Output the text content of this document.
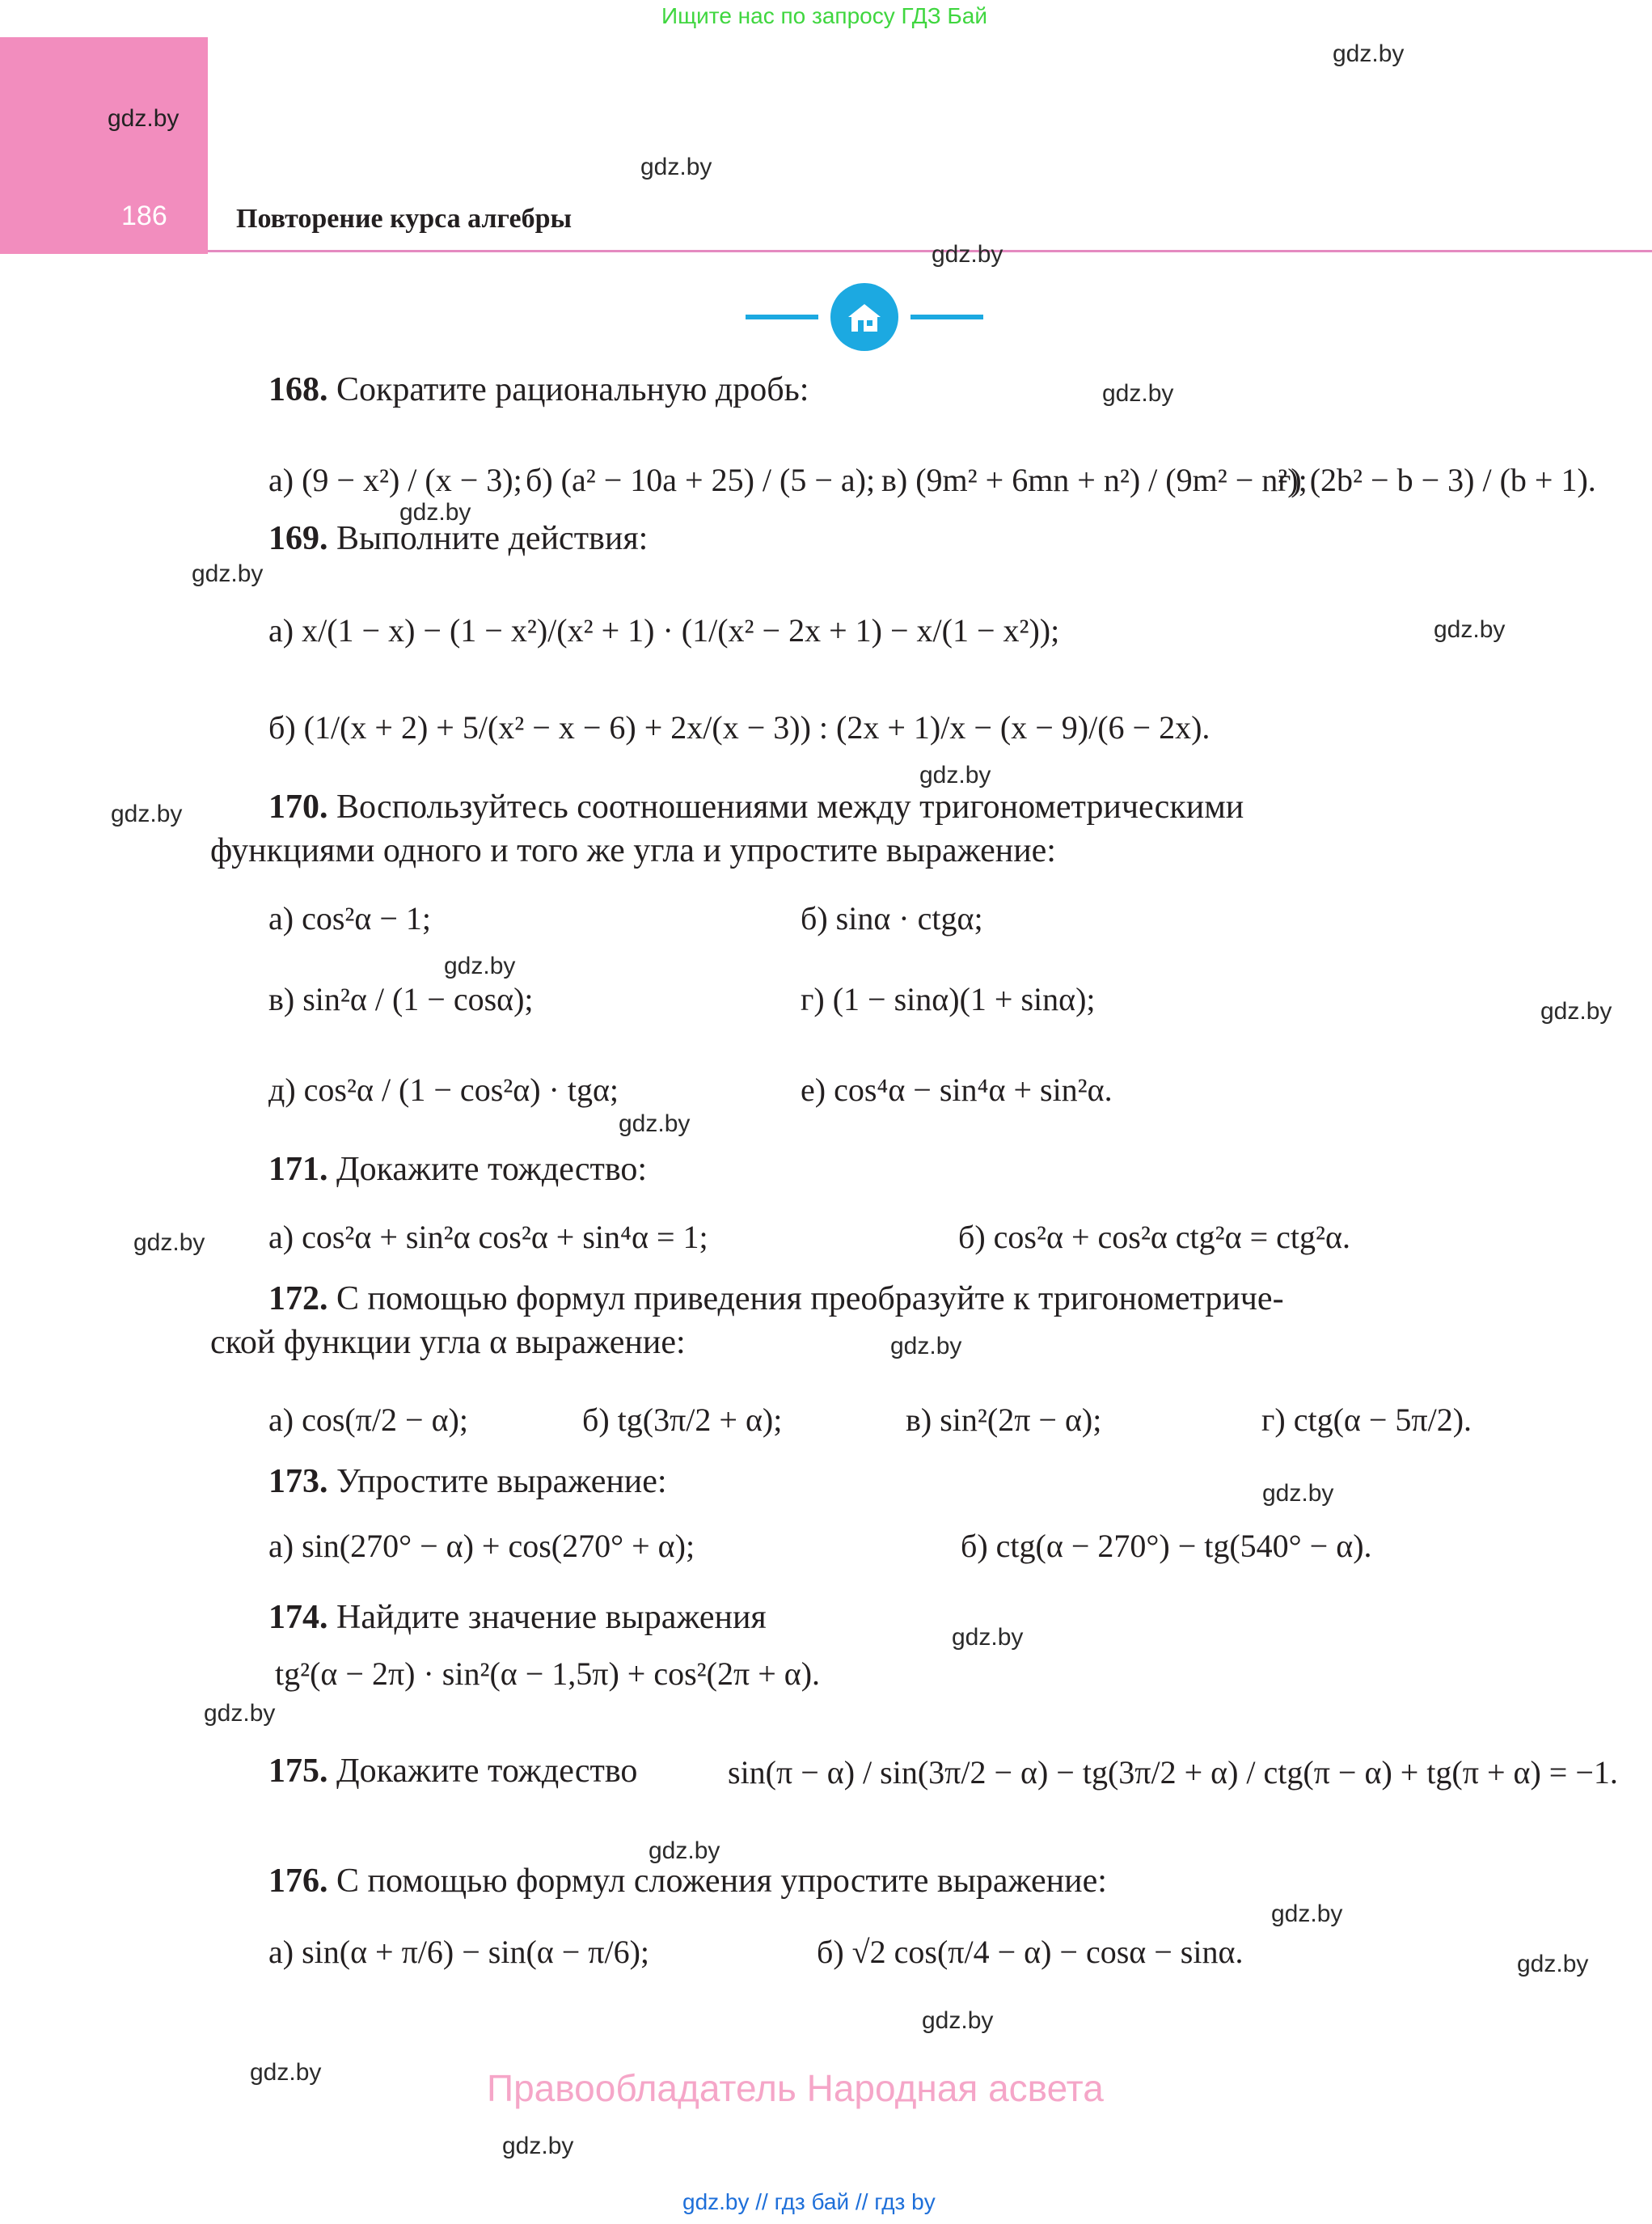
Ищите нас по запросу ГДЗ Бай
gdz.by
186	Повторение курса алгебры
gdz.by
gdz.by
gdz.by
gdz.by
gdz.by
gdz.by
gdz.by
gdz.by
gdz.by
gdz.by
gdz.by
gdz.by
gdz.by
gdz.by
gdz.by
gdz.by
gdz.by
gdz.by
gdz.by
gdz.by
gdz.by
gdz.by
gdz.by
168. Сократите рациональную дробь:
а) (9 − x²) / (x − 3); б) (a² − 10a + 25) / (5 − a); в) (9m² + 6mn + n²) / (9m² − n²);
г) (2b² − b − 3) / (b + 1).
169. Выполните действия:
а) x/(1 − x) − (1 − x²)/(x² + 1) · (1/(x² − 2x + 1) − x/(1 − x²));
б) (1/(x + 2) + 5/(x² − x − 6) + 2x/(x − 3)) : (2x + 1)/x − (x − 9)/(6 − 2x).
170. Воспользуйтесь соотношениями между тригонометрическими
функциями одного и того же угла и упростите выражение:
а) cos²α − 1;	б) sinα · ctgα;
в) sin²α / (1 − cosα);	г) (1 − sinα)(1 + sinα);
д) cos²α / (1 − cos²α) · tgα;	е) cos⁴α − sin⁴α + sin²α.
171. Докажите тождество:
а) cos²α + sin²α cos²α + sin⁴α = 1;	б) cos²α + cos²α ctg²α = ctg²α.
172. С помощью формул приведения преобразуйте к тригонометриче-
ской функции угла α выражение:
а) cos(π/2 − α);	б) tg(3π/2 + α);	в) sin²(2π − α);	г) ctg(α − 5π/2).
173. Упростите выражение:
а) sin(270° − α) + cos(270° + α);	б) ctg(α − 270°) − tg(540° − α).
174. Найдите значение выражения
tg²(α − 2π) · sin²(α − 1,5π) + cos²(2π + α).
175. Докажите тождество	sin(π − α) / sin(3π/2 − α) − tg(3π/2 + α) / ctg(π − α) + tg(π + α) = −1.
176. С помощью формул сложения упростите выражение:
а) sin(α + π/6) − sin(α − π/6);	б) √2 cos(π/4 − α) − cosα − sinα.
Правообладатель Народная асвета
gdz.by // гдз бай // гдз by
